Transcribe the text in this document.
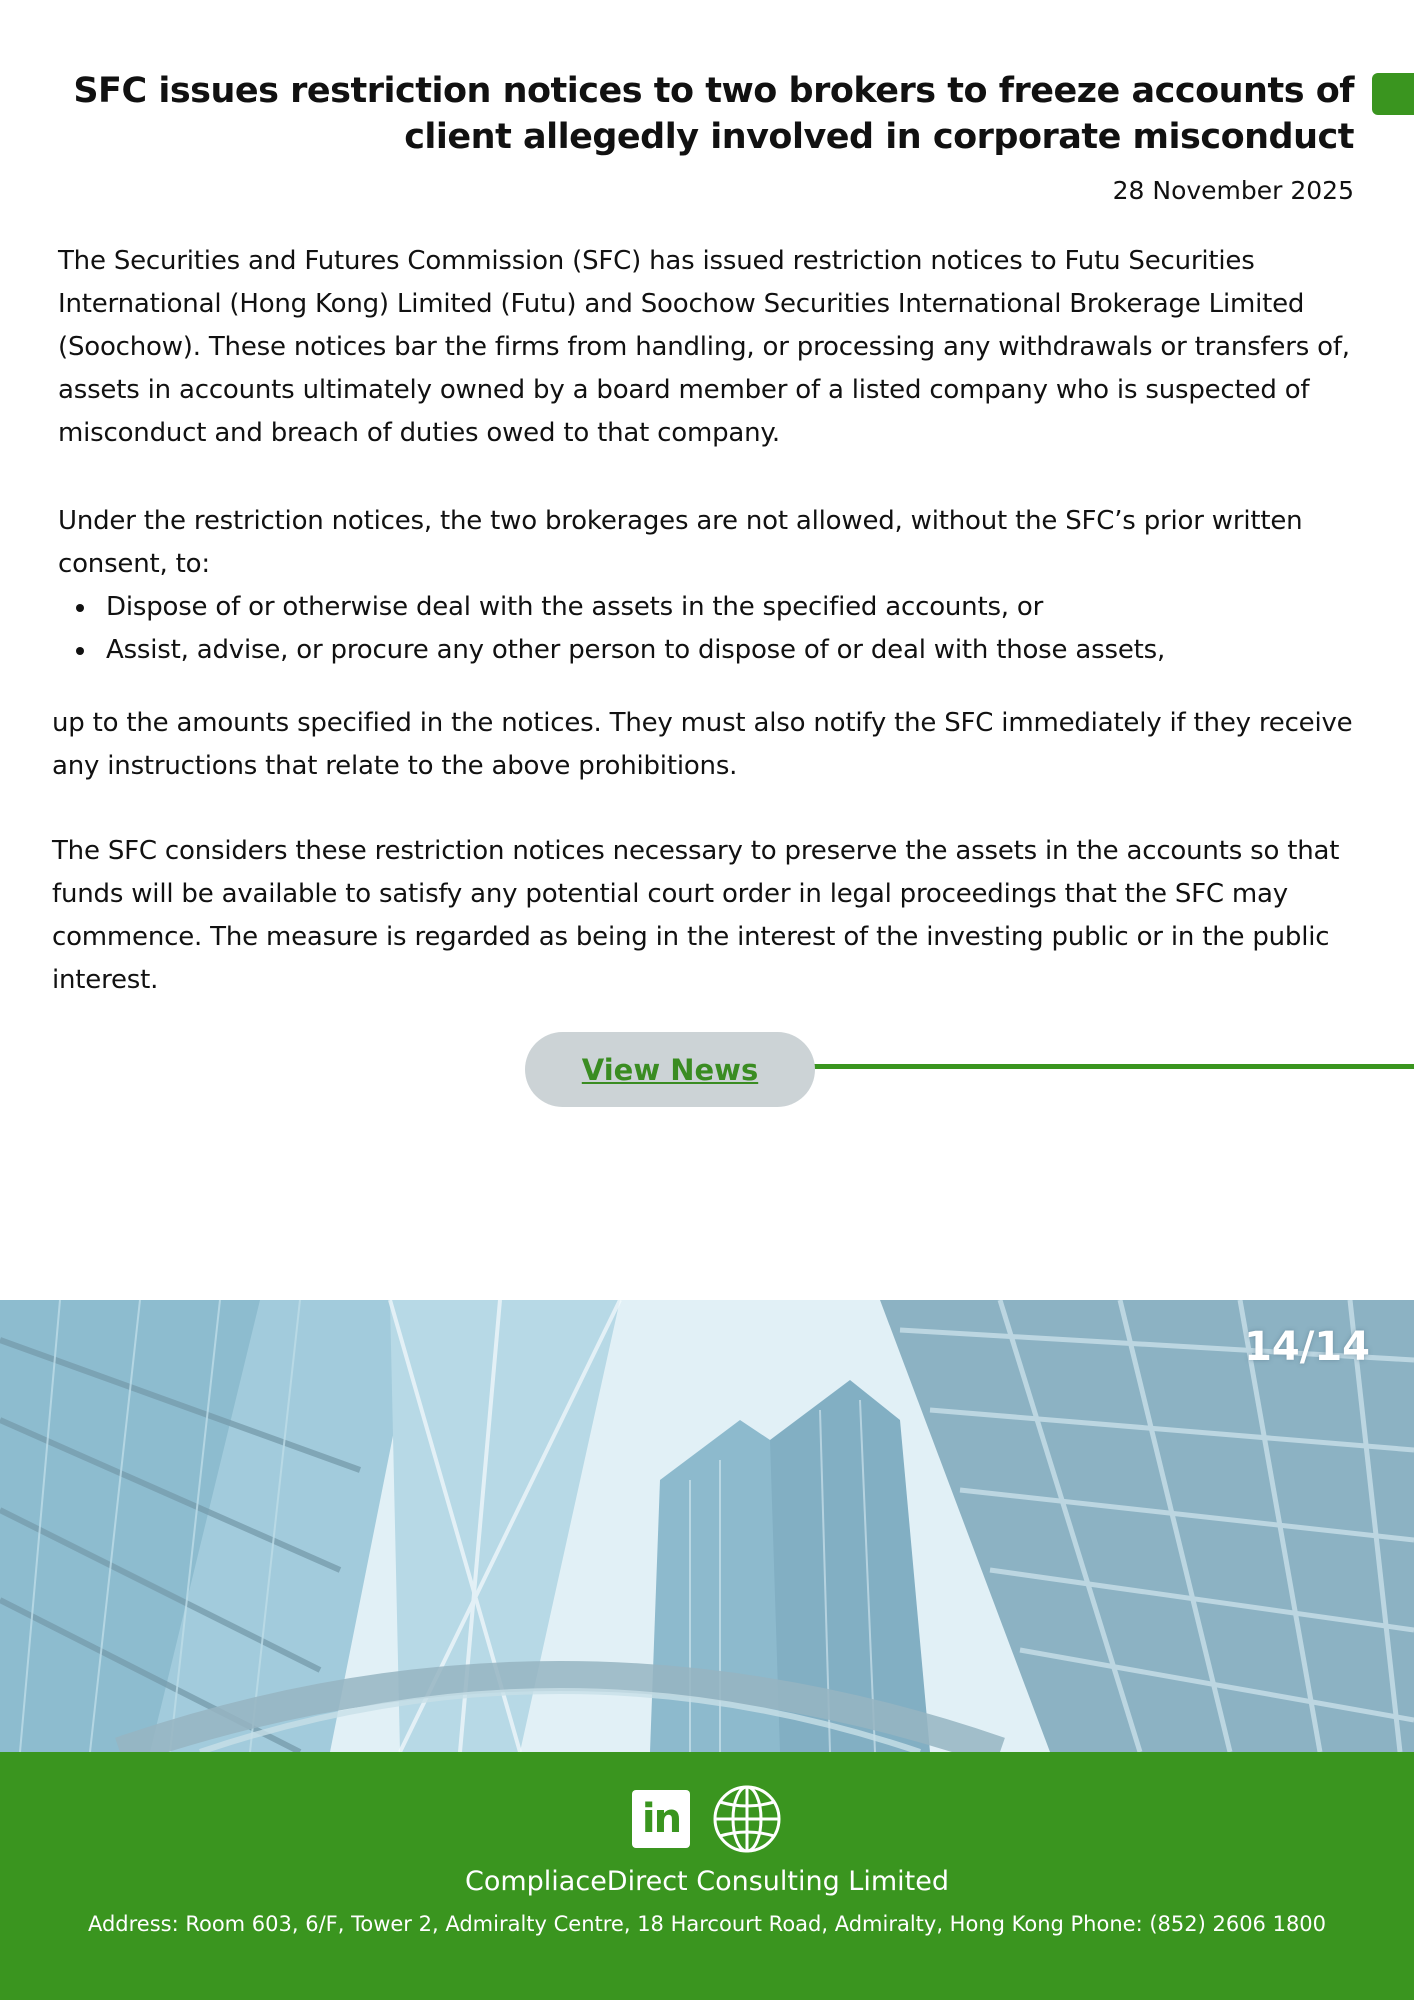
SFC issues restriction notices to two brokers to freeze accounts of client allegedly involved in corporate misconduct
28 November 2025
The Securities and Futures Commission (SFC) has issued restriction notices to Futu Securities International (Hong Kong) Limited (Futu) and Soochow Securities International Brokerage Limited (Soochow). These notices bar the firms from handling, or processing any withdrawals or transfers of, assets in accounts ultimately owned by a board member of a listed company who is suspected of misconduct and breach of duties owed to that company.
Under the restriction notices, the two brokerages are not allowed, without the SFC’s prior written consent, to:
Dispose of or otherwise deal with the assets in the specified accounts, or
Assist, advise, or procure any other person to dispose of or deal with those assets,
up to the amounts specified in the notices. They must also notify the SFC immediately if they receive any instructions that relate to the above prohibitions.
The SFC considers these restriction notices necessary to preserve the assets in the accounts so that funds will be available to satisfy any potential court order in legal proceedings that the SFC may commence. The measure is regarded as being in the interest of the investing public or in the public interest.
View News
14/14
in
CompliaceDirect Consulting Limited
Address: Room 603, 6/F, Tower 2, Admiralty Centre, 18 Harcourt Road, Admiralty, Hong Kong Phone: (852) 2606 1800
